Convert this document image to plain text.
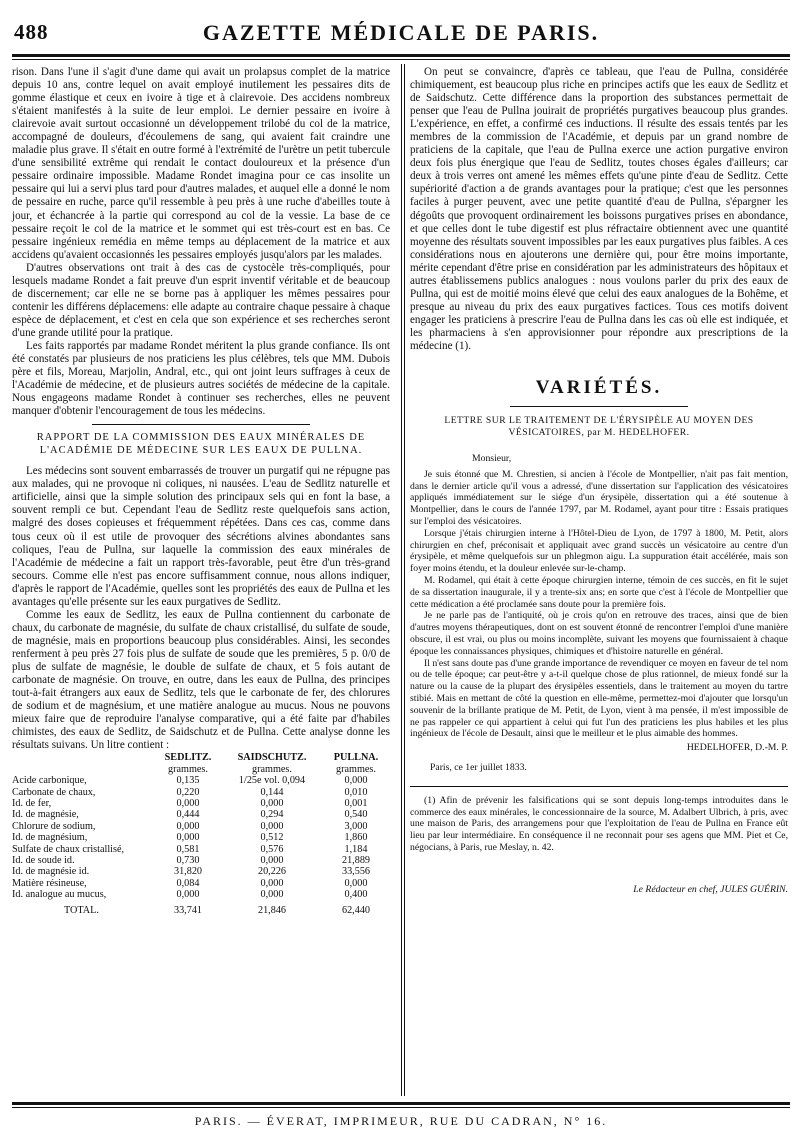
488	GAZETTE MÉDICALE DE PARIS.

rison. Dans l'une il s'agit d'une dame qui avait un prolapsus complet de la matrice depuis 10 ans, contre lequel on avait employé inutilement les pessaires dits de gomme élastique et ceux en ivoire à tige et à clairevoie. Des accidens nombreux s'étaient manifestés à la suite de leur emploi. Le dernier pessaire en ivoire à clairevoie avait surtout occasionné un développement trilobé du col de la matrice, accompagné de douleurs, d'écoulemens de sang, qui avaient fait craindre une maladie plus grave. Il s'était en outre formé à l'extrémité de l'urètre un petit tubercule d'une sensibilité extrême qui rendait le contact douloureux et la présence d'un pessaire ordinaire impossible. Madame Rondet imagina pour ce cas insolite un pessaire qui lui a servi plus tard pour d'autres malades, et auquel elle a donné le nom de pessaire en ruche, parce qu'il ressemble à peu près à une ruche d'abeilles toute à jour, et échancrée à la partie qui correspond au col de la vessie. La base de ce pessaire reçoit le col de la matrice et le sommet qui est très-court est en bas. Ce pessaire ingénieux remédia en même temps au déplacement de la matrice et aux accidens qu'avaient occasionnés les pessaires employés jusqu'alors par les malades.

D'autres observations ont trait à des cas de cystocèle très-compliqués, pour lesquels madame Rondet a fait preuve d'un esprit inventif véritable et de beaucoup de discernement; car elle ne se borne pas à appliquer les mêmes pessaires pour contenir les différens déplacemens: elle adapte au contraire chaque pessaire à chaque espèce de déplacement, et c'est en cela que son expérience et ses recherches seront d'une grande utilité pour la pratique.

Les faits rapportés par madame Rondet méritent la plus grande confiance. Ils ont été constatés par plusieurs de nos praticiens les plus célèbres, tels que MM. Dubois père et fils, Moreau, Marjolin, Andral, etc., qui ont joint leurs suffrages à ceux de l'Académie de médecine, et de plusieurs autres sociétés de médecine de la capitale. Nous engageons madame Rondet à continuer ses recherches, elles ne peuvent manquer d'obtenir l'encouragement de tous les médecins.

RAPPORT DE LA COMMISSION DES EAUX MINÉRALES DE
L'ACADÉMIE DE MÉDECINE SUR LES EAUX DE PULLNA.

Les médecins sont souvent embarrassés de trouver un purgatif qui ne répugne pas aux malades, qui ne provoque ni coliques, ni nausées. L'eau de Sedlitz naturelle et artificielle, ainsi que la simple solution des principaux sels qui en font la base, a souvent rempli ce but. Cependant l'eau de Sedlitz reste quelquefois sans action, malgré des doses copieuses et fréquemment répétées. Dans ces cas, comme dans tous ceux où il est utile de provoquer des sécrétions alvines abondantes sans coliques, l'eau de Pullna, sur laquelle la commission des eaux minérales de l'Académie de médecine a fait un rapport très-favorable, peut être d'un très-grand secours. Comme elle n'est pas encore suffisamment connue, nous allons indiquer, d'après le rapport de l'Académie, quelles sont les propriétés des eaux de Pullna et les avantages qu'elle présente sur les eaux purgatives de Sedlitz.

Comme les eaux de Sedlitz, les eaux de Pullna contiennent du carbonate de chaux, du carbonate de magnésie, du sulfate de chaux cristallisé, du sulfate de soude, de magnésie, mais en proportions beaucoup plus considérables. Ainsi, les secondes renferment à peu près 27 fois plus de sulfate de soude que les premières, 5 p. 0/0 de plus de sulfate de magnésie, le double de sulfate de chaux, et 5 fois autant de carbonate de magnésie. On trouve, en outre, dans les eaux de Pullna, des principes tout-à-fait étrangers aux eaux de Sedlitz, tels que le carbonate de fer, des chlorures de sodium et de magnésium, et une matière analogue au mucus. Nous ne pouvons mieux faire que de reproduire l'analyse comparative, qui a été faite par d'habiles chimistes, des eaux de Sedlitz, de Saidschutz et de Pullna. Cette analyse donne les résultats suivans. Un litre contient :

	SEDLITZ.	SAIDSCHUTZ.	PULLNA.
	grammes.	grammes.	grammes.
Acide carbonique,	0,135	1/25e vol. 0,094	0,000
Carbonate de chaux,	0,220	0,144	0,010
Id. de fer,	0,000	0,000	0,001
Id. de magnésie,	0,444	0,294	0,540
Chlorure de sodium,	0,000	0,000	3,000
Id. de magnésium,	0,000	0,512	1,860
Sulfate de chaux cristallisé,	0,581	0,576	1,184
Id. de soude id.	0,730	0,000	21,889
Id. de magnésie id.	31,820	20,226	33,556
Matière résineuse,	0,084	0,000	0,000
Id. analogue au mucus,	0,000	0,000	0,400
TOTAL.	33,741	21,846	62,440

On peut se convaincre, d'après ce tableau, que l'eau de Pullna, considérée chimiquement, est beaucoup plus riche en principes actifs que les eaux de Sedlitz et de Saidschutz. Cette différence dans la proportion des substances permettait de penser que l'eau de Pullna jouirait de propriétés purgatives beaucoup plus grandes. L'expérience, en effet, a confirmé ces inductions. Il résulte des essais tentés par les membres de la commission de l'Académie, et depuis par un grand nombre de praticiens de la capitale, que l'eau de Pullna exerce une action purgative environ deux fois plus énergique que l'eau de Sedlitz, toutes choses égales d'ailleurs; car deux à trois verres ont amené les mêmes effets qu'une pinte d'eau de Sedlitz. Cette supériorité d'action a de grands avantages pour la pratique; c'est que les personnes faciles à purger peuvent, avec une petite quantité d'eau de Pullna, s'épargner les dégoûts que provoquent ordinairement les boissons purgatives prises en abondance, et que celles dont le tube digestif est plus réfractaire obtiennent avec une quantité moyenne des résultats souvent impossibles par les eaux purgatives plus faibles. A ces considérations nous en ajouterons une dernière qui, pour être moins importante, mérite cependant d'être prise en considération par les administrateurs des hôpitaux et autres établissemens publics analogues : nous voulons parler du prix des eaux de Pullna, qui est de moitié moins élevé que celui des eaux analogues de la Bohême, et presque au niveau du prix des eaux purgatives factices. Tous ces motifs doivent engager les praticiens à prescrire l'eau de Pullna dans les cas où elle est indiquée, et les pharmaciens à s'en approvisionner pour répondre aux prescriptions de la médecine (1).

VARIÉTÉS.
LETTRE SUR LE TRAITEMENT DE L'ÉRYSIPÈLE AU MOYEN DES VÉSICATOIRES, par M. HEDELHOFER.
Monsieur,

Je suis étonné que M. Chrestien, si ancien à l'école de Montpellier, n'ait pas fait mention, dans le dernier article qu'il vous a adressé, d'une dissertation sur l'application des vésicatoires appliqués immédiatement sur le siége d'un érysipèle, dissertation qui a été soutenue à Montpellier, dans le cours de l'année 1797, par M. Rodamel, ayant pour titre : Essais pratiques sur l'emploi des vésicatoires.

Lorsque j'étais chirurgien interne à l'Hôtel-Dieu de Lyon, de 1797 à 1800, M. Petit, alors chirurgien en chef, préconisait et appliquait avec grand succès un vésicatoire au centre d'un érysipèle, et même quelquefois sur un phlegmon aigu. La suppuration était accélérée, mais son foyer moins étendu, et la douleur enlevée sur-le-champ.

M. Rodamel, qui était à cette époque chirurgien interne, témoin de ces succès, en fit le sujet de sa dissertation inaugurale, il y a trente-six ans; en sorte que c'est à l'école de Montpellier que cette médication a été proclamée sans doute pour la première fois.

Je ne parle pas de l'antiquité, où je crois qu'on en retrouve des traces, ainsi que de bien d'autres moyens thérapeutiques, dont on est souvent étonné de rencontrer l'emploi d'une manière obscure, il est vrai, ou plus ou moins incomplète, suivant les moyens que fournissaient à chaque époque les connaissances physiques, chimiques et d'histoire naturelle en général.

Il n'est sans doute pas d'une grande importance de revendiquer ce moyen en faveur de tel nom ou de telle époque; car peut-être y a-t-il quelque chose de plus rationnel, de mieux fondé sur la nature ou la cause de la plupart des érysipèles essentiels, dans le traitement au moyen du tartre stibié. Mais en mettant de côté la question en elle-même, permettez-moi d'ajouter que lorsqu'un souvenir de la brillante pratique de M. Petit, de Lyon, vient à ma pensée, il m'est impossible de ne pas rappeler ce qui appartient à celui qui fut l'un des praticiens les plus habiles et les plus ingénieux de l'école de Desault, ainsi que le meilleur et le plus aimable des hommes.

HEDELHOFER, D.-M. P.
Paris, ce 1er juillet 1833.

(1) Afin de prévenir les falsifications qui se sont depuis long-temps introduites dans le commerce des eaux minérales, le concessionnaire de la source, M. Adalbert Ulbrich, à pris, avec une maison de Paris, des arrangemens pour que l'exploitation de l'eau de Pullna en France eût lieu par leur intermédiaire. En conséquence il ne reconnait pour ses agens que MM. Piet et Ce, négocians, à Paris, rue Meslay, n. 42.

Le Rédacteur en chef, JULES GUÉRIN.
PARIS. — ÉVERAT, IMPRIMEUR, RUE DU CADRAN, N° 16.
